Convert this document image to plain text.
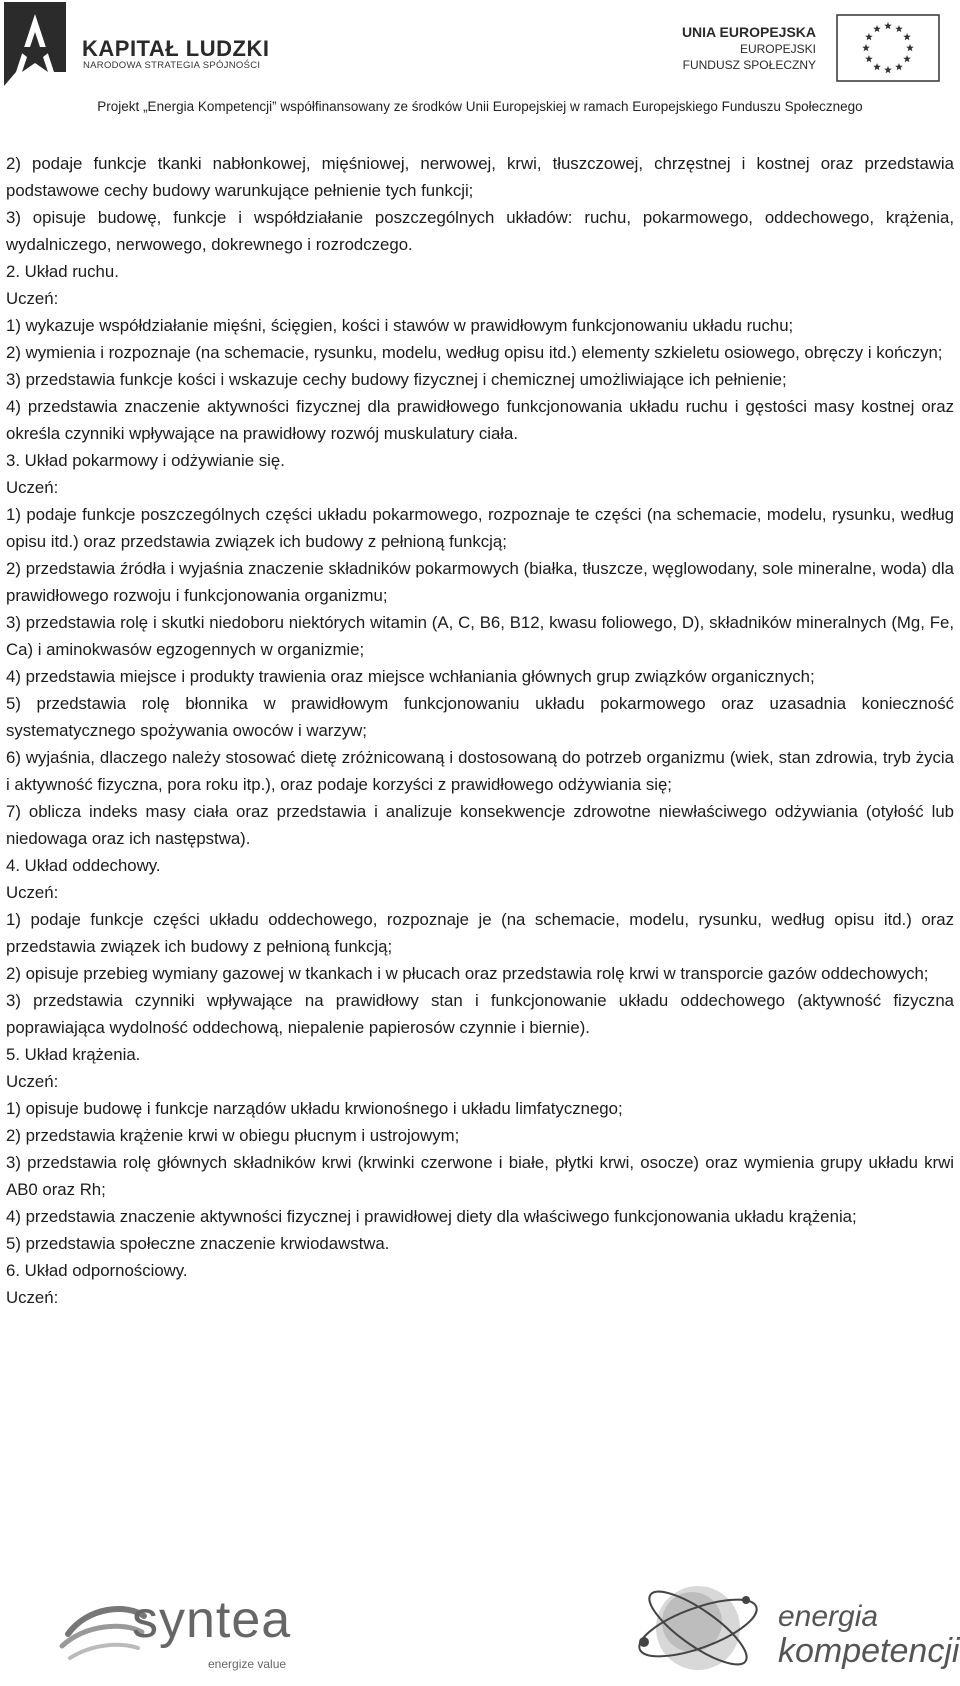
KAPITAŁ LUDZKI
NARODOWA STRATEGIA SPÓJNOŚCI
UNIA EUROPEJSKA
EUROPEJSKI
FUNDUSZ SPOŁECZNY
Projekt „Energia Kompetencji” współfinansowany ze środków Unii Europejskiej w ramach Europejskiego Funduszu Społecznego

2) podaje funkcje tkanki nabłonkowej, mięśniowej, nerwowej, krwi, tłuszczowej, chrzęstnej i kostnej oraz przedstawia podstawowe cechy budowy warunkujące pełnienie tych funkcji;

3) opisuje budowę, funkcje i współdziałanie poszczególnych układów: ruchu, pokarmowego, oddechowego, krążenia, wydalniczego, nerwowego, dokrewnego i rozrodczego.

2. Układ ruchu.

Uczeń:

1) wykazuje współdziałanie mięśni, ścięgien, kości i stawów w prawidłowym funkcjonowaniu układu ruchu;

2) wymienia i rozpoznaje (na schemacie, rysunku, modelu, według opisu itd.) elementy szkieletu osiowego, obręczy i kończyn;

3) przedstawia funkcje kości i wskazuje cechy budowy fizycznej i chemicznej umożliwiające ich pełnienie;

4) przedstawia znaczenie aktywności fizycznej dla prawidłowego funkcjonowania układu ruchu i gęstości masy kostnej oraz określa czynniki wpływające na prawidłowy rozwój muskulatury ciała.

3. Układ pokarmowy i odżywianie się.

Uczeń:

1) podaje funkcje poszczególnych części układu pokarmowego, rozpoznaje te części (na schemacie, modelu, rysunku, według opisu itd.) oraz przedstawia związek ich budowy z pełnioną funkcją;

2) przedstawia źródła i wyjaśnia znaczenie składników pokarmowych (białka, tłuszcze, węglowodany, sole mineralne, woda) dla prawidłowego rozwoju i funkcjonowania organizmu;

3) przedstawia rolę i skutki niedoboru niektórych witamin (A, C, B6, B12, kwasu foliowego, D), składników mineralnych (Mg, Fe, Ca) i aminokwasów egzogennych w organizmie;

4) przedstawia miejsce i produkty trawienia oraz miejsce wchłaniania głównych grup związków organicznych;

5) przedstawia rolę błonnika w prawidłowym funkcjonowaniu układu pokarmowego oraz uzasadnia konieczność systematycznego spożywania owoców i warzyw;

6) wyjaśnia, dlaczego należy stosować dietę zróżnicowaną i dostosowaną do potrzeb organizmu (wiek, stan zdrowia, tryb życia i aktywność fizyczna, pora roku itp.), oraz podaje korzyści z prawidłowego odżywiania się;

7) oblicza indeks masy ciała oraz przedstawia i analizuje konsekwencje zdrowotne niewłaściwego odżywiania (otyłość lub niedowaga oraz ich następstwa).

4. Układ oddechowy.

Uczeń:

1) podaje funkcje części układu oddechowego, rozpoznaje je (na schemacie, modelu, rysunku, według opisu itd.) oraz przedstawia związek ich budowy z pełnioną funkcją;

2) opisuje przebieg wymiany gazowej w tkankach i w płucach oraz przedstawia rolę krwi w transporcie gazów oddechowych;

3) przedstawia czynniki wpływające na prawidłowy stan i funkcjonowanie układu oddechowego (aktywność fizyczna poprawiająca wydolność oddechową, niepalenie papierosów czynnie i biernie).

5. Układ krążenia.

Uczeń:

1) opisuje budowę i funkcje narządów układu krwionośnego i układu limfatycznego;

2) przedstawia krążenie krwi w obiegu płucnym i ustrojowym;

3) przedstawia rolę głównych składników krwi (krwinki czerwone i białe, płytki krwi, osocze) oraz wymienia grupy układu krwi AB0 oraz Rh;

4) przedstawia znaczenie aktywności fizycznej i prawidłowej diety dla właściwego funkcjonowania układu krążenia;

5) przedstawia społeczne znaczenie krwiodawstwa.

6. Układ odpornościowy.

Uczeń:

syntea
energize value
energia
kompetencji
